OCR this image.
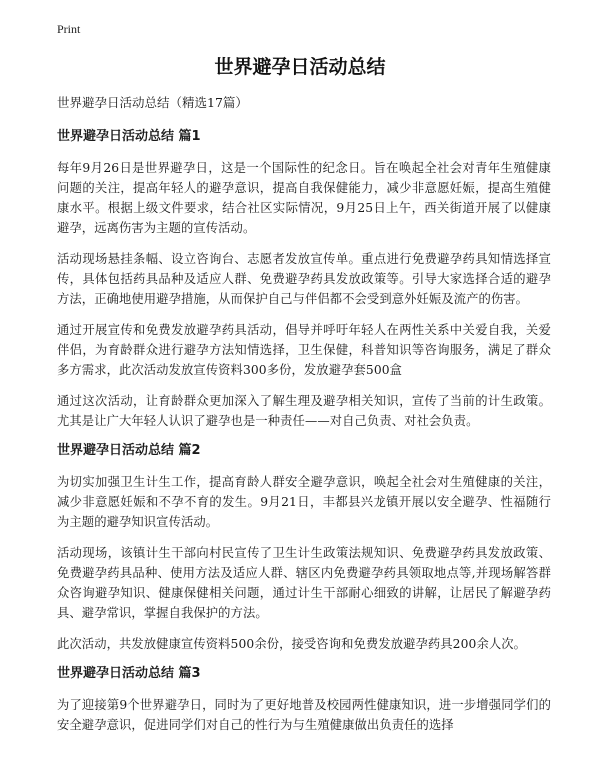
Print
世界避孕日活动总结
世界避孕日活动总结（精选17篇）
世界避孕日活动总结 篇1

每年9月26日是世界避孕日，这是一个国际性的纪念日。旨在唤起全社会对青年生殖健康问题的关注，提高年轻人的避孕意识，提高自我保健能力，减少非意愿妊娠，提高生殖健康水平。根据上级文件要求，结合社区实际情况，9月25日上午，西关街道开展了以健康避孕，远离伤害为主题的宣传活动。

活动现场悬挂条幅、设立咨询台、志愿者发放宣传单。重点进行免费避孕药具知情选择宣传，具体包括药具品种及适应人群、免费避孕药具发放政策等。引导大家选择合适的避孕方法，正确地使用避孕措施，从而保护自己与伴侣都不会受到意外妊娠及流产的伤害。

通过开展宣传和免费发放避孕药具活动，倡导并呼吁年轻人在两性关系中关爱自我，关爱伴侣，为育龄群众进行避孕方法知情选择，卫生保健，科普知识等咨询服务，满足了群众多方需求，此次活动发放宣传资料300多份，发放避孕套500盒

通过这次活动，让育龄群众更加深入了解生理及避孕相关知识，宣传了当前的计生政策。尤其是让广大年轻人认识了避孕也是一种责任——对自己负责、对社会负责。

世界避孕日活动总结 篇2

为切实加强卫生计生工作，提高育龄人群安全避孕意识，唤起全社会对生殖健康的关注，减少非意愿妊娠和不孕不育的发生。9月21日，丰都县兴龙镇开展以安全避孕、性福随行为主题的避孕知识宣传活动。

活动现场，该镇计生干部向村民宣传了卫生计生政策法规知识、免费避孕药具发放政策、免费避孕药具品种、使用方法及适应人群、辖区内免费避孕药具领取地点等,并现场解答群众咨询避孕知识、健康保健相关问题，通过计生干部耐心细致的讲解，让居民了解避孕药具、避孕常识，掌握自我保护的方法。

此次活动，共发放健康宣传资料500余份，接受咨询和免费发放避孕药具200余人次。

世界避孕日活动总结 篇3

为了迎接第9个世界避孕日，同时为了更好地普及校园两性健康知识，进一步增强同学们的安全避孕意识，促进同学们对自己的性行为与生殖健康做出负责任的选择
